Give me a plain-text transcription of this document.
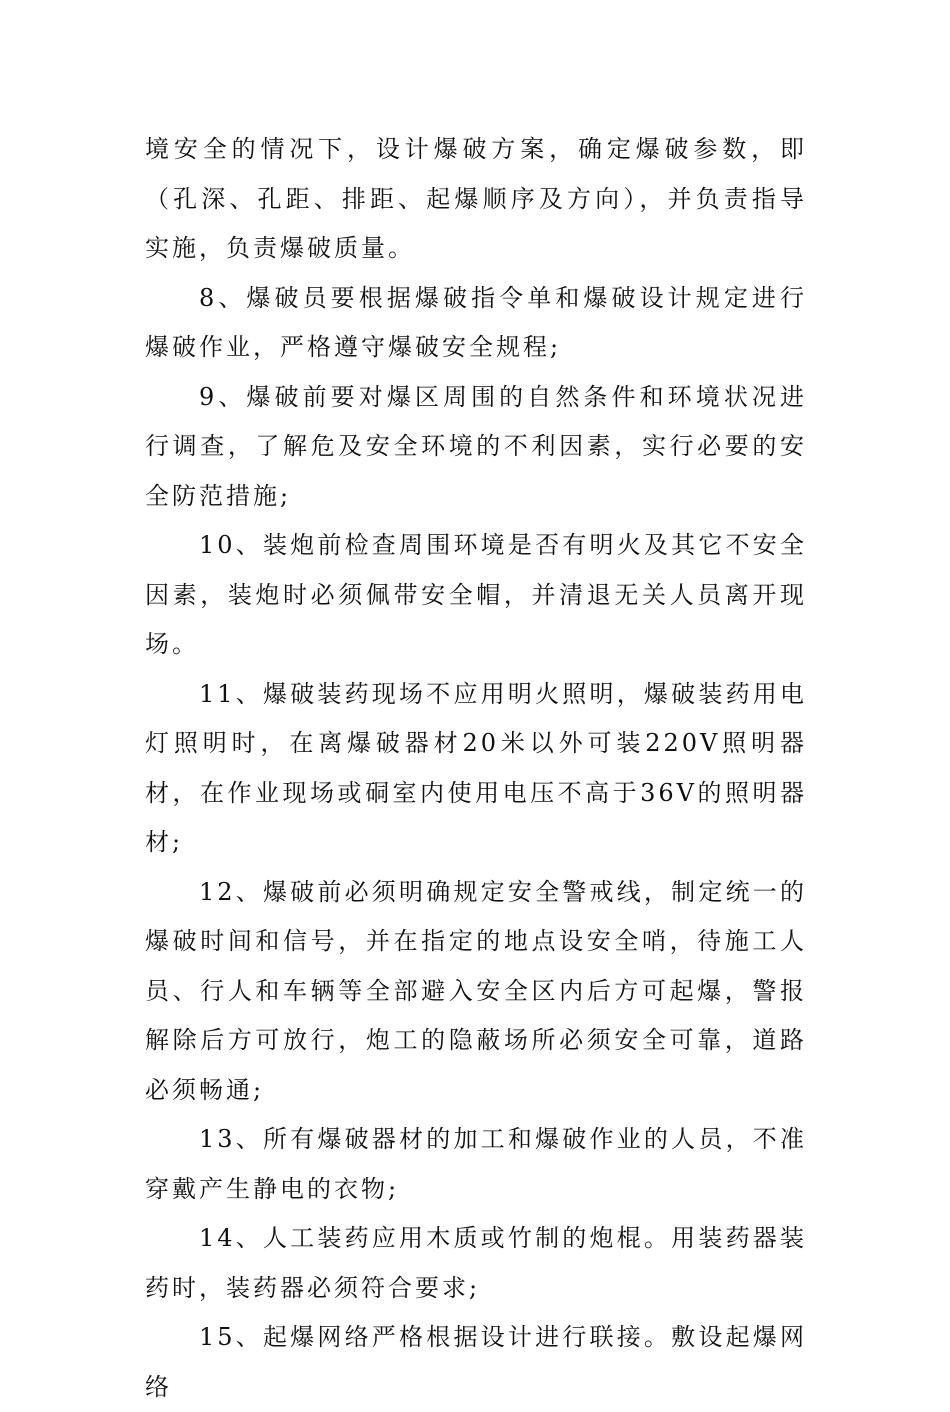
境安全的情况下，设计爆破方案，确定爆破参数，即（孔深、孔距、排距、起爆顺序及方向），并负责指导实施，负责爆破质量。

8、爆破员要根据爆破指令单和爆破设计规定进行爆破作业，严格遵守爆破安全规程;

9、爆破前要对爆区周围的自然条件和环境状况进行调查，了解危及安全环境的不利因素，实行必要的安全防范措施;

10、装炮前检查周围环境是否有明火及其它不安全因素，装炮时必须佩带安全帽，并清退无关人员离开现场。

11、爆破装药现场不应用明火照明，爆破装药用电灯照明时，在离爆破器材20米以外可装220V照明器材，在作业现场或硐室内使用电压不高于36V的照明器材;

12、爆破前必须明确规定安全警戒线，制定统一的爆破时间和信号，并在指定的地点设安全哨，待施工人员、行人和车辆等全部避入安全区内后方可起爆，警报解除后方可放行，炮工的隐蔽场所必须安全可靠，道路必须畅通;

13、所有爆破器材的加工和爆破作业的人员，不准穿戴产生静电的衣物;

14、人工装药应用木质或竹制的炮棍。用装药器装药时，装药器必须符合要求;

15、起爆网络严格根据设计进行联接。敷设起爆网络
